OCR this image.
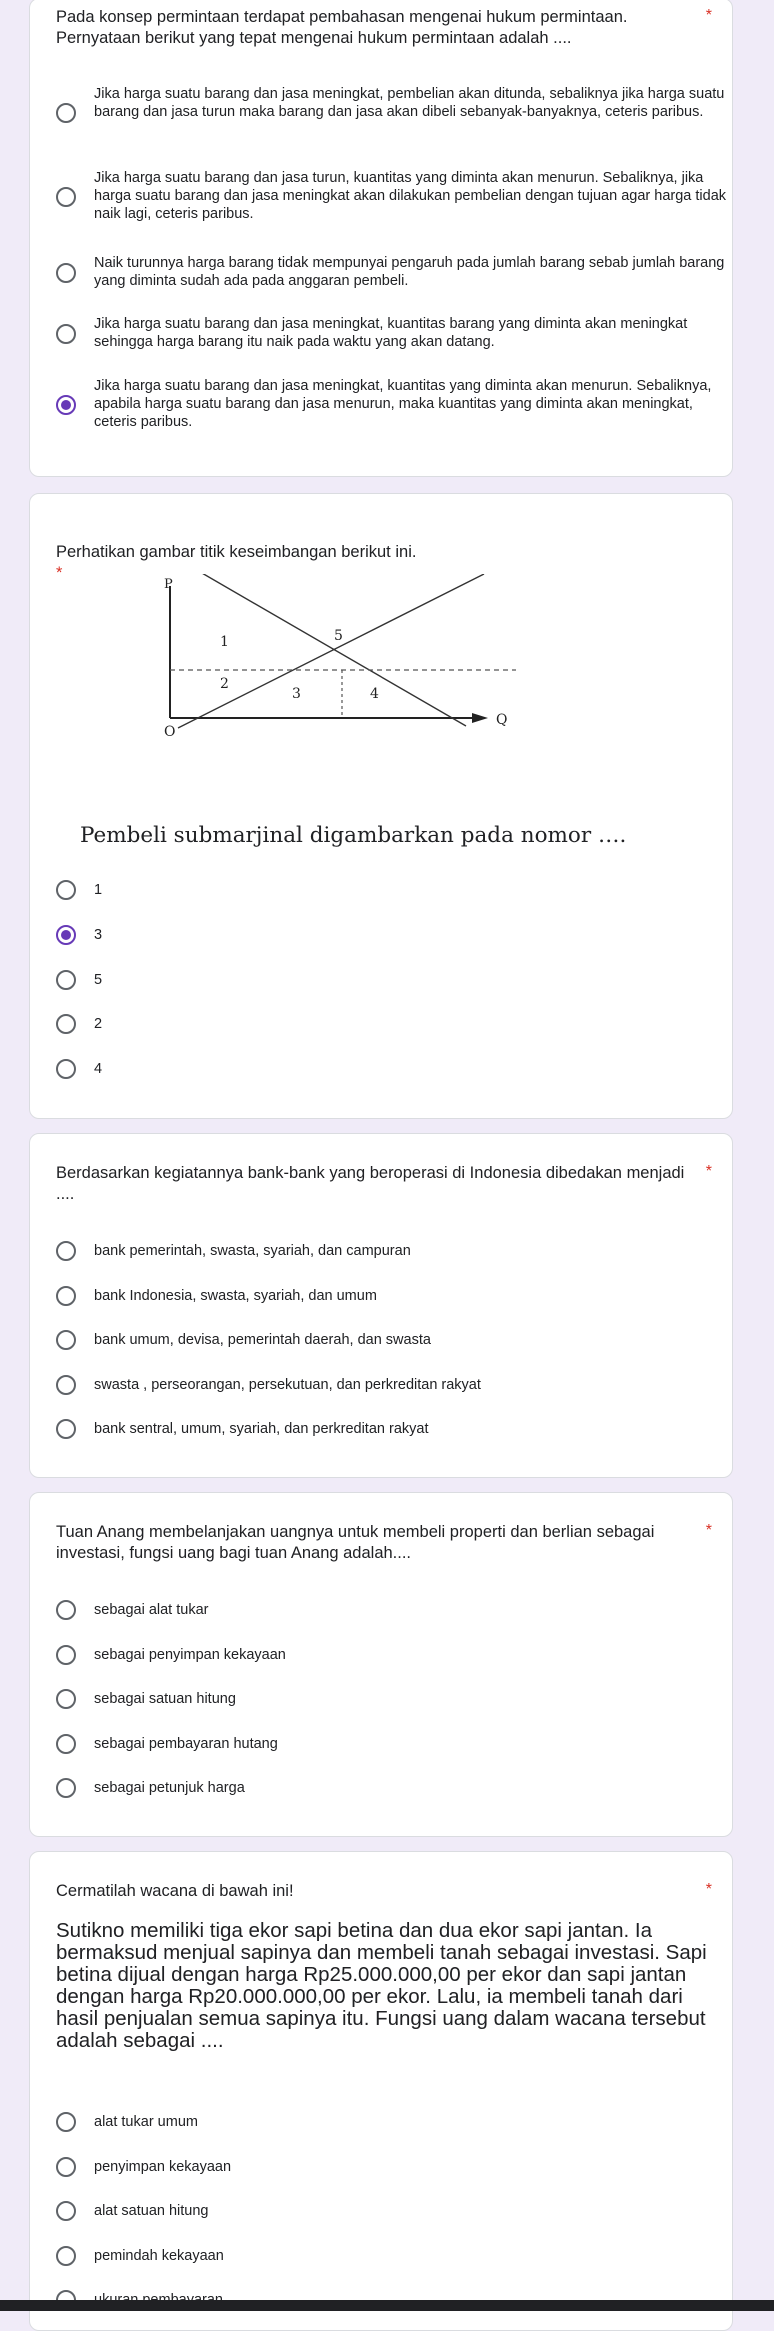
Pada konsep permintaan terdapat pembahasan mengenai hukum permintaan.
Pernyataan berikut yang tepat mengenai hukum permintaan adalah ....
*
Jika harga suatu barang dan jasa meningkat, pembelian akan ditunda, sebaliknya jika harga suatu barang dan jasa turun maka barang dan jasa akan dibeli sebanyak-banyaknya, ceteris paribus.
Jika harga suatu barang dan jasa turun, kuantitas yang diminta akan menurun. Sebaliknya, jika harga suatu barang dan jasa meningkat akan dilakukan pembelian dengan tujuan agar harga tidak naik lagi, ceteris paribus.
Naik turunnya harga barang tidak mempunyai pengaruh pada jumlah barang sebab jumlah barang yang diminta sudah ada pada anggaran pembeli.
Jika harga suatu barang dan jasa meningkat, kuantitas barang yang diminta akan meningkat sehingga harga barang itu naik pada waktu yang akan datang.
Jika harga suatu barang dan jasa meningkat, kuantitas yang diminta akan menurun. Sebaliknya, apabila harga suatu barang dan jasa menurun, maka kuantitas yang diminta akan meningkat, ceteris paribus.

Perhatikan gambar titik keseimbangan berikut ini.
*

P
Q
O
1	5
2
3	4
Pembeli submarjinal digambarkan pada nomor ….
1
3
5
2
4
Berdasarkan kegiatannya bank-bank yang beroperasi di Indonesia dibedakan menjadi ....
*
bank pemerintah, swasta, syariah, dan campuran
bank Indonesia, swasta, syariah, dan umum
bank umum, devisa, pemerintah daerah, dan swasta
swasta , perseorangan, persekutuan, dan perkreditan rakyat
bank sentral, umum, syariah, dan perkreditan rakyat
Tuan Anang membelanjakan uangnya untuk membeli properti dan berlian sebagai investasi, fungsi uang bagi tuan Anang adalah....
*
sebagai alat tukar
sebagai penyimpan kekayaan
sebagai satuan hitung
sebagai pembayaran hutang
sebagai petunjuk harga
Cermatilah wacana di bawah ini!	*
Sutikno memiliki tiga ekor sapi betina dan dua ekor sapi jantan. Ia bermaksud menjual sapinya dan membeli tanah sebagai investasi. Sapi betina dijual dengan harga Rp25.000.000,00 per ekor dan sapi jantan dengan harga Rp20.000.000,00 per ekor. Lalu, ia membeli tanah dari hasil penjualan semua sapinya itu. Fungsi uang dalam wacana tersebut adalah sebagai ....
alat tukar umum
penyimpan kekayaan
alat satuan hitung
pemindah kekayaan
